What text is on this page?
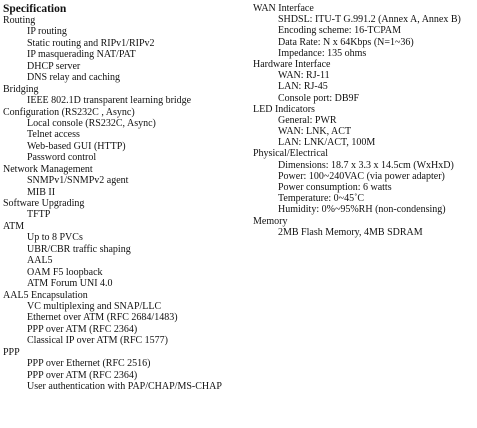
Specification
Routing
IP routing
Static routing and RIPv1/RIPv2
IP masquerading NAT/PAT
DHCP server
DNS relay and caching
Bridging
IEEE 802.1D transparent learning bridge
Configuration (RS232C , Async)
Local console (RS232C, Async)
Telnet access
Web-based GUI (HTTP)
Password control
Network Management
SNMPv1/SNMPv2 agent
MIB II
Software Upgrading
TFTP
ATM
Up to 8 PVCs
UBR/CBR traffic shaping
AAL5
OAM F5 loopback
ATM Forum UNI 4.0
AAL5 Encapsulation
VC multiplexing and SNAP/LLC
Ethernet over ATM (RFC 2684/1483)
PPP over ATM (RFC 2364)
Classical IP over ATM (RFC 1577)
PPP
PPP over Ethernet (RFC 2516)
PPP over ATM (RFC 2364)
User authentication with PAP/CHAP/MS-CHAP
WAN Interface
SHDSL: ITU-T G.991.2 (Annex A, Annex B)
Encoding scheme: 16-TCPAM
Data Rate: N x 64Kbps (N=1~36)
Impedance: 135 ohms
Hardware Interface
WAN: RJ-11
LAN: RJ-45
Console port: DB9F
LED Indicators
General: PWR
WAN: LNK, ACT
LAN: LNK/ACT, 100M
Physical/Electrical
Dimensions: 18.7 x 3.3 x 14.5cm (WxHxD)
Power: 100~240VAC (via power adapter)
Power consumption: 6 watts
Temperature: 0~45˚C
Humidity: 0%~95%RH (non-condensing)
Memory
2MB Flash Memory, 4MB SDRAM
